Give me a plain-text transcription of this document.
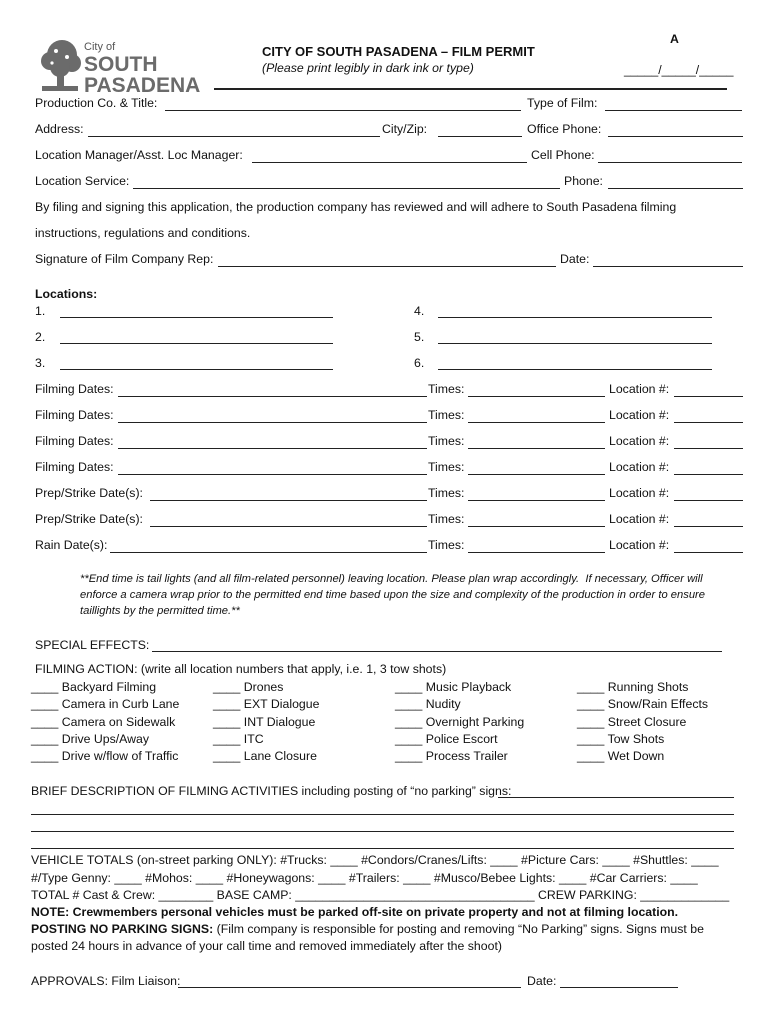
City of
SOUTH
PASADENA
CITY OF SOUTH PASADENA – FILM PERMIT
(Please print legibly in dark ink or type)
A
_____/_____/_____
Production Co. & Title:	Type of Film:
Address:	City/Zip:	Office Phone:
Location Manager/Asst. Loc Manager:	Cell Phone:
Location Service:	Phone:
By filing and signing this application, the production company has reviewed and will adhere to South Pasadena filming
instructions, regulations and conditions.
Signature of Film Company Rep:	Date:
Locations:
1.
2.
3.
4.
5.
6.
Filming Dates:	Times:	Location #:
Filming Dates:	Times:	Location #:
Filming Dates:	Times:	Location #:
Filming Dates:	Times:	Location #:
Prep/Strike Date(s):	Times:	Location #:
Prep/Strike Date(s):	Times:	Location #:
Rain Date(s):	Times:	Location #:
**End time is tail lights (and all film-related personnel) leaving location. Please plan wrap accordingly.  If necessary, Officer will
enforce a camera wrap prior to the permitted end time based upon the size and complexity of the production in order to ensure
taillights by the permitted time.**
SPECIAL EFFECTS:
FILMING ACTION: (write all location numbers that apply, i.e. 1, 3 tow shots)
____ Backyard Filming
____ Camera in Curb Lane
____ Camera on Sidewalk
____ Drive Ups/Away
____ Drive w/flow of Traffic
____ Drones
____ EXT Dialogue
____ INT Dialogue
____ ITC
____ Lane Closure
____ Music Playback
____ Nudity
____ Overnight Parking
____ Police Escort
____ Process Trailer
____ Running Shots
____ Snow/Rain Effects
____ Street Closure
____ Tow Shots
____ Wet Down
BRIEF DESCRIPTION OF FILMING ACTIVITIES including posting of “no parking” signs:
VEHICLE TOTALS (on-street parking ONLY): #Trucks: ____ #Condors/Cranes/Lifts: ____ #Picture Cars: ____ #Shuttles: ____
#/Type Genny: ____ #Mohos: ____ #Honeywagons: ____ #Trailers: ____ #Musco/Bebee Lights: ____ #Car Carriers: ____
TOTAL # Cast & Crew: ________ BASE CAMP: ___________________________________ CREW PARKING: _____________
NOTE: Crewmembers personal vehicles must be parked off-site on private property and not at filming location.
POSTING NO PARKING SIGNS: (Film company is responsible for posting and removing “No Parking” signs. Signs must be
posted 24 hours in advance of your call time and removed immediately after the shoot)
APPROVALS: Film Liaison:	Date:
